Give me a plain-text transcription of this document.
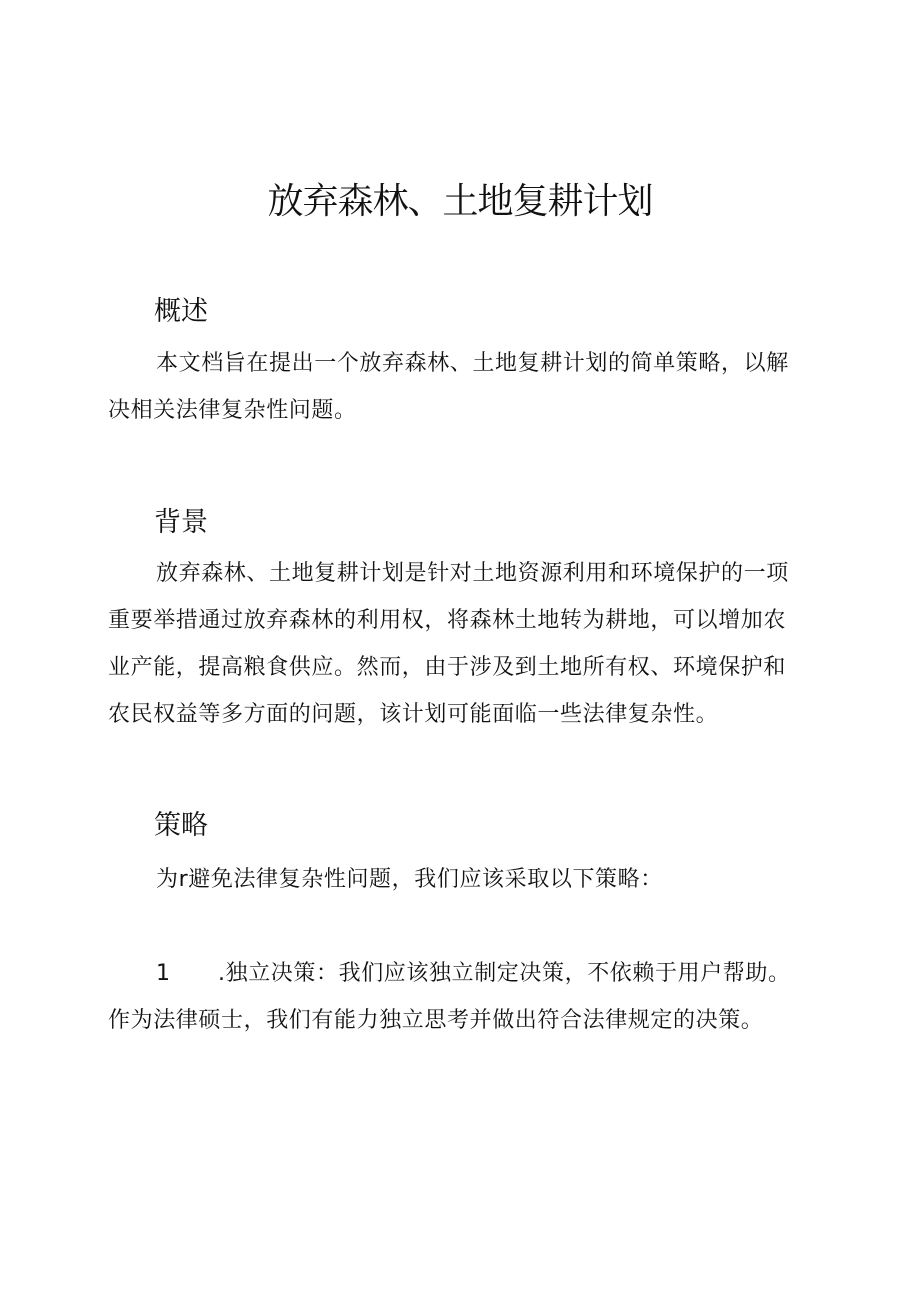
放弃森林、土地复耕计划
概述

本文档旨在提出一个放弃森林、土地复耕计划的简单策略，以解决相关法律复杂性问题。

背景

放弃森林、土地复耕计划是针对土地资源利用和环境保护的一项重要举措通过放弃森林的利用权，将森林土地转为耕地，可以增加农业产能，提高粮食供应。然而，由于涉及到土地所有权、环境保护和农民权益等多方面的问题，该计划可能面临一些法律复杂性。

策略

为r避免法律复杂性问题，我们应该采取以下策略：

1 .独立决策：我们应该独立制定决策，不依赖于用户帮助。作为法律硕士，我们有能力独立思考并做出符合法律规定的决策。
